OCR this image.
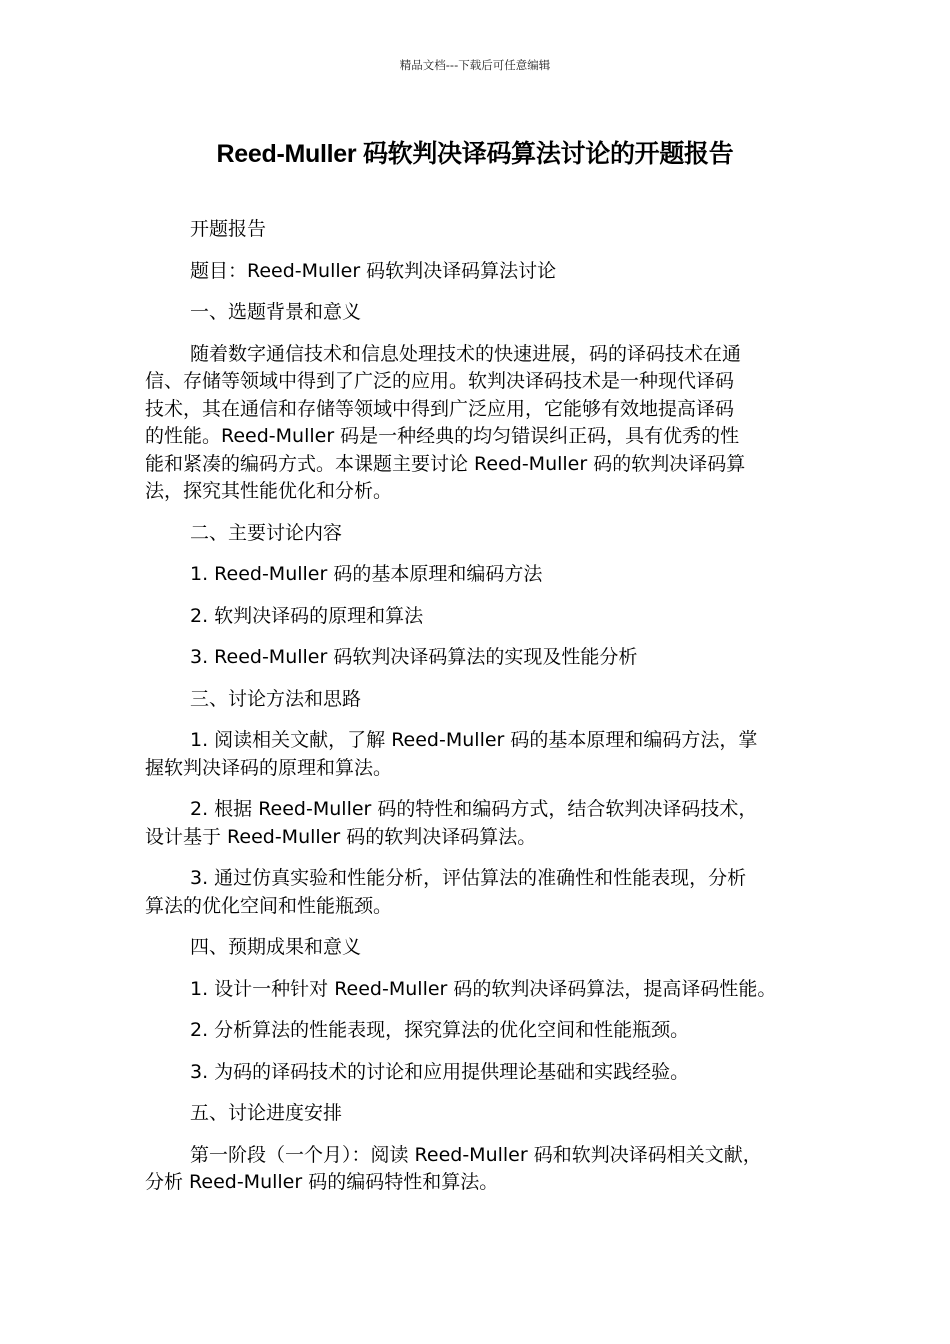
精品文档---下载后可任意编辑
Reed-Muller 码软判决译码算法讨论的开题报告
开题报告
题目：Reed-Muller 码软判决译码算法讨论
一、选题背景和意义
随着数字通信技术和信息处理技术的快速进展，码的译码技术在通
信、存储等领域中得到了广泛的应用。软判决译码技术是一种现代译码
技术，其在通信和存储等领域中得到广泛应用，它能够有效地提高译码
的性能。Reed-Muller 码是一种经典的均匀错误纠正码，具有优秀的性
能和紧凑的编码方式。本课题主要讨论 Reed-Muller 码的软判决译码算
法，探究其性能优化和分析。
二、主要讨论内容
1. Reed-Muller 码的基本原理和编码方法
2. 软判决译码的原理和算法
3. Reed-Muller 码软判决译码算法的实现及性能分析
三、讨论方法和思路
1. 阅读相关文献，了解 Reed-Muller 码的基本原理和编码方法，掌
握软判决译码的原理和算法。
2. 根据 Reed-Muller 码的特性和编码方式，结合软判决译码技术，
设计基于 Reed-Muller 码的软判决译码算法。
3. 通过仿真实验和性能分析，评估算法的准确性和性能表现，分析
算法的优化空间和性能瓶颈。
四、预期成果和意义
1. 设计一种针对 Reed-Muller 码的软判决译码算法，提高译码性能。
2. 分析算法的性能表现，探究算法的优化空间和性能瓶颈。
3. 为码的译码技术的讨论和应用提供理论基础和实践经验。
五、讨论进度安排
第一阶段（一个月）：阅读 Reed-Muller 码和软判决译码相关文献，
分析 Reed-Muller 码的编码特性和算法。
